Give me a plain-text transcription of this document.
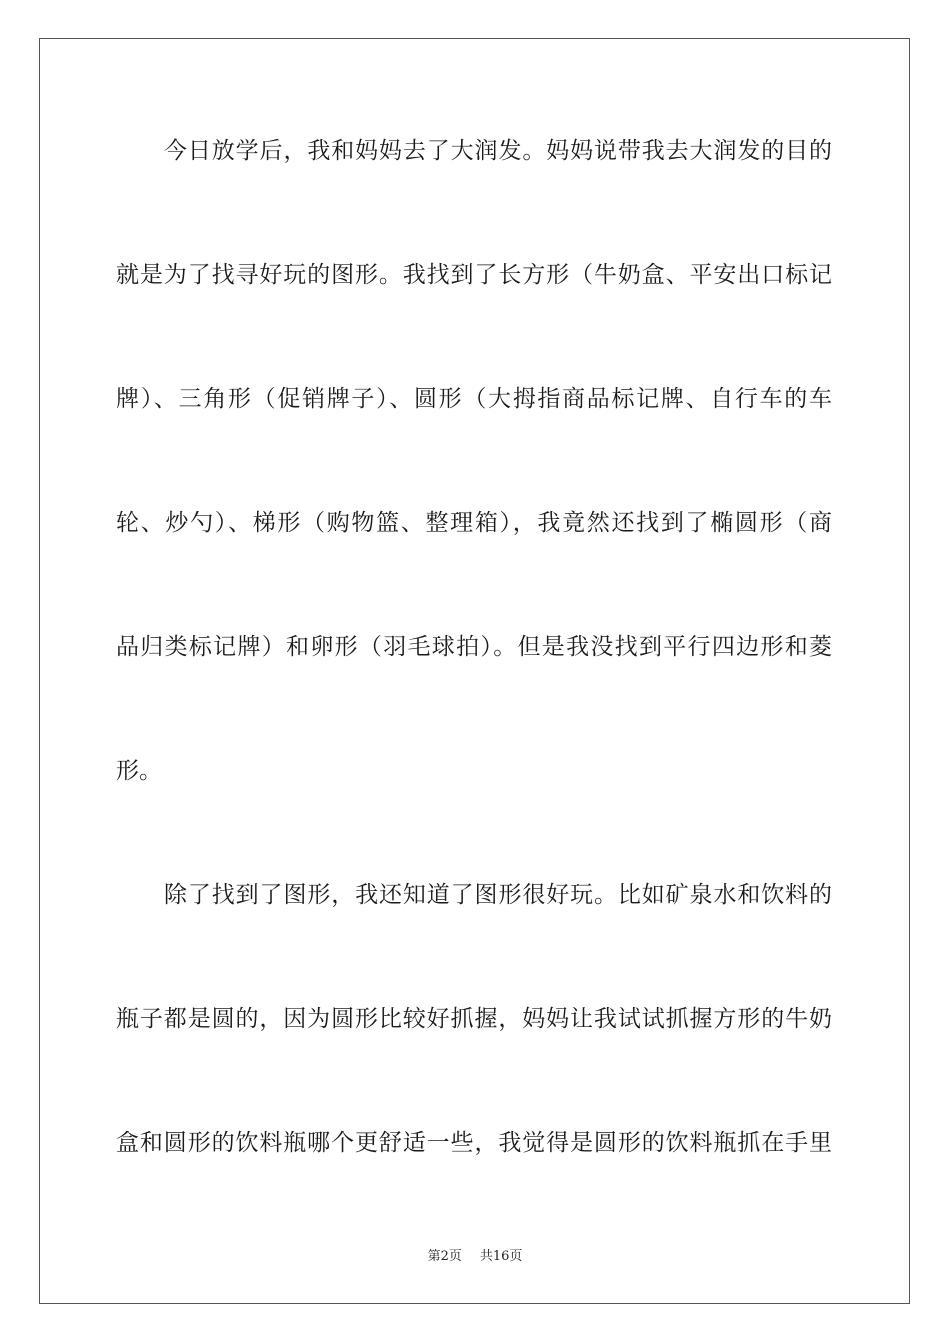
今日放学后，我和妈妈去了大润发。妈妈说带我去大润发的目的
就是为了找寻好玩的图形。我找到了长方形（牛奶盒、平安出口标记
牌）、三角形（促销牌子）、圆形（大拇指商品标记牌、自行车的车
轮、炒勺）、梯形（购物篮、整理箱），我竟然还找到了椭圆形（商
品归类标记牌）和卵形（羽毛球拍）。但是我没找到平行四边形和菱
形。
除了找到了图形，我还知道了图形很好玩。比如矿泉水和饮料的
瓶子都是圆的，因为圆形比较好抓握，妈妈让我试试抓握方形的牛奶
盒和圆形的饮料瓶哪个更舒适一些，我觉得是圆形的饮料瓶抓在手里
第2页 共16页
